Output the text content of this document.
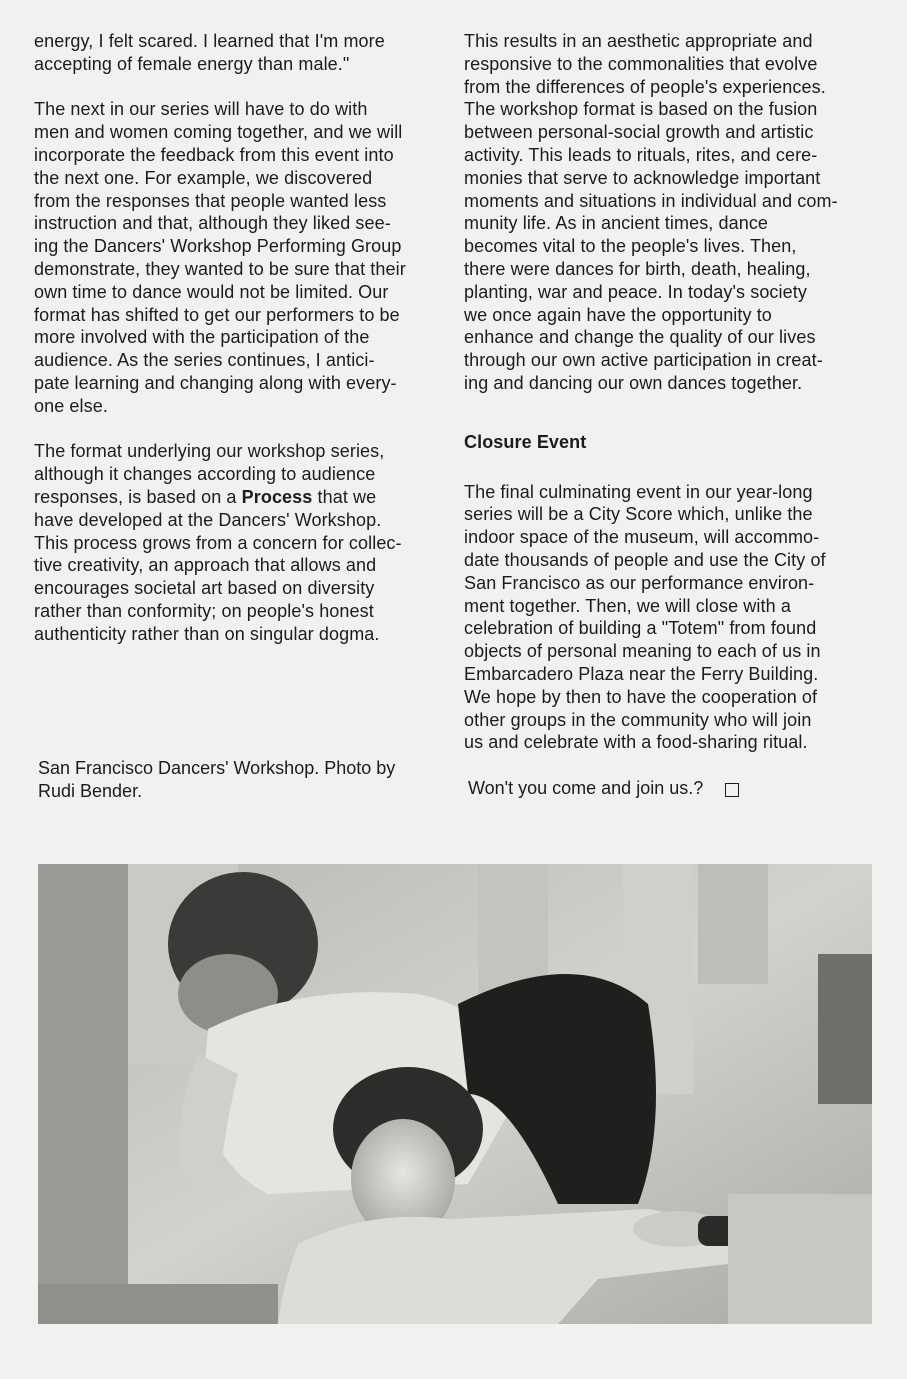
energy, I felt scared. I learned that I'm more
accepting of female energy than male."

The next in our series will have to do with
men and women coming together, and we will
incorporate the feedback from this event into
the next one. For example, we discovered
from the responses that people wanted less
instruction and that, although they liked see-
ing the Dancers' Workshop Performing Group
demonstrate, they wanted to be sure that their
own time to dance would not be limited. Our
format has shifted to get our performers to be
more involved with the participation of the
audience. As the series continues, I antici-
pate learning and changing along with every-
one else.

The format underlying our workshop series,
although it changes according to audience
responses, is based on a Process that we
have developed at the Dancers' Workshop.
This process grows from a concern for collec-
tive creativity, an approach that allows and
encourages societal art based on diversity
rather than conformity; on people's honest
authenticity rather than on singular dogma.

This results in an aesthetic appropriate and
responsive to the commonalities that evolve
from the differences of people's experiences.
The workshop format is based on the fusion
between personal-social growth and artistic
activity. This leads to rituals, rites, and cere-
monies that serve to acknowledge important
moments and situations in individual and com-
munity life. As in ancient times, dance
becomes vital to the people's lives. Then,
there were dances for birth, death, healing,
planting, war and peace. In today's society
we once again have the opportunity to
enhance and change the quality of our lives
through our own active participation in creat-
ing and dancing our own dances together.

Closure Event

The final culminating event in our year-long
series will be a City Score which, unlike the
indoor space of the museum, will accommo-
date thousands of people and use the City of
San Francisco as our performance environ-
ment together. Then, we will close with a
celebration of building a "Totem" from found
objects of personal meaning to each of us in
Embarcadero Plaza near the Ferry Building.
We hope by then to have the cooperation of
other groups in the community who will join
us and celebrate with a food-sharing ritual.

San Francisco Dancers' Workshop. Photo by
Rudi Bender.	Won't you come and join us.?
